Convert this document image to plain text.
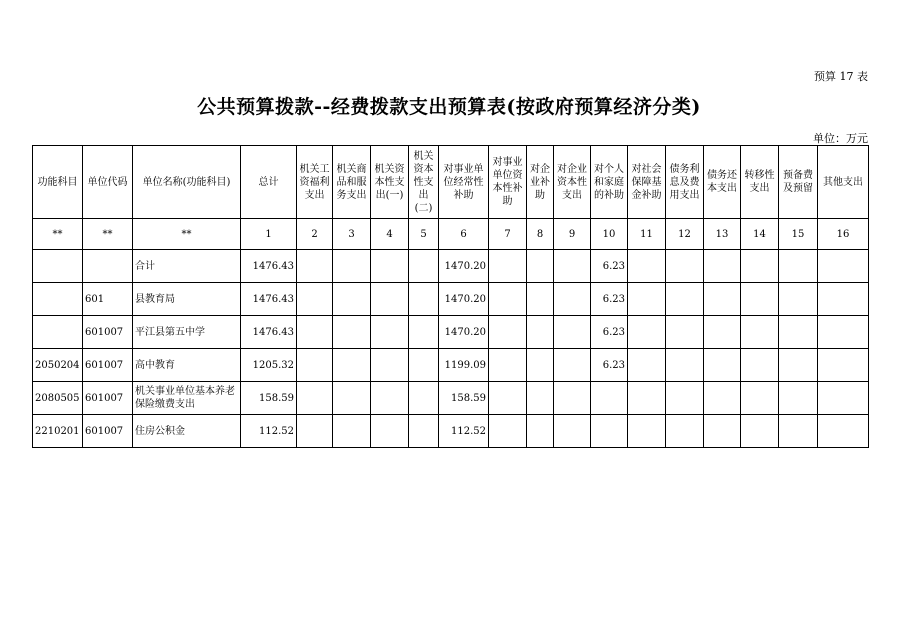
预算 17 表
公共预算拨款--经费拨款支出预算表(按政府预算经济分类)
单位：万元
功能科目	单位代码	单位名称(功能科目)	总计	机关工资福利支出	机关商品和服务支出	机关资本性支出(一)	机关资本性支出(二)	对事业单位经常性补助	对事业单位资本性补助	对企业补助	对企业资本性支出	对个人和家庭的补助	对社会保障基金补助	债务利息及费用支出	债务还本支出	转移性支出	预备费及预留	其他支出
**	**	**	1	2	3	4	5	6	7	8	9	10	11	12	13	14	15	16
		合计	1476.43					1470.20				6.23						
	601	县教育局	1476.43					1470.20				6.23						
	601007	平江县第五中学	1476.43					1470.20				6.23						
2050204	601007	高中教育	1205.32					1199.09				6.23						
2080505	601007	机关事业单位基本养老保险缴费支出	158.59					158.59										
2210201	601007	住房公积金	112.52					112.52										
